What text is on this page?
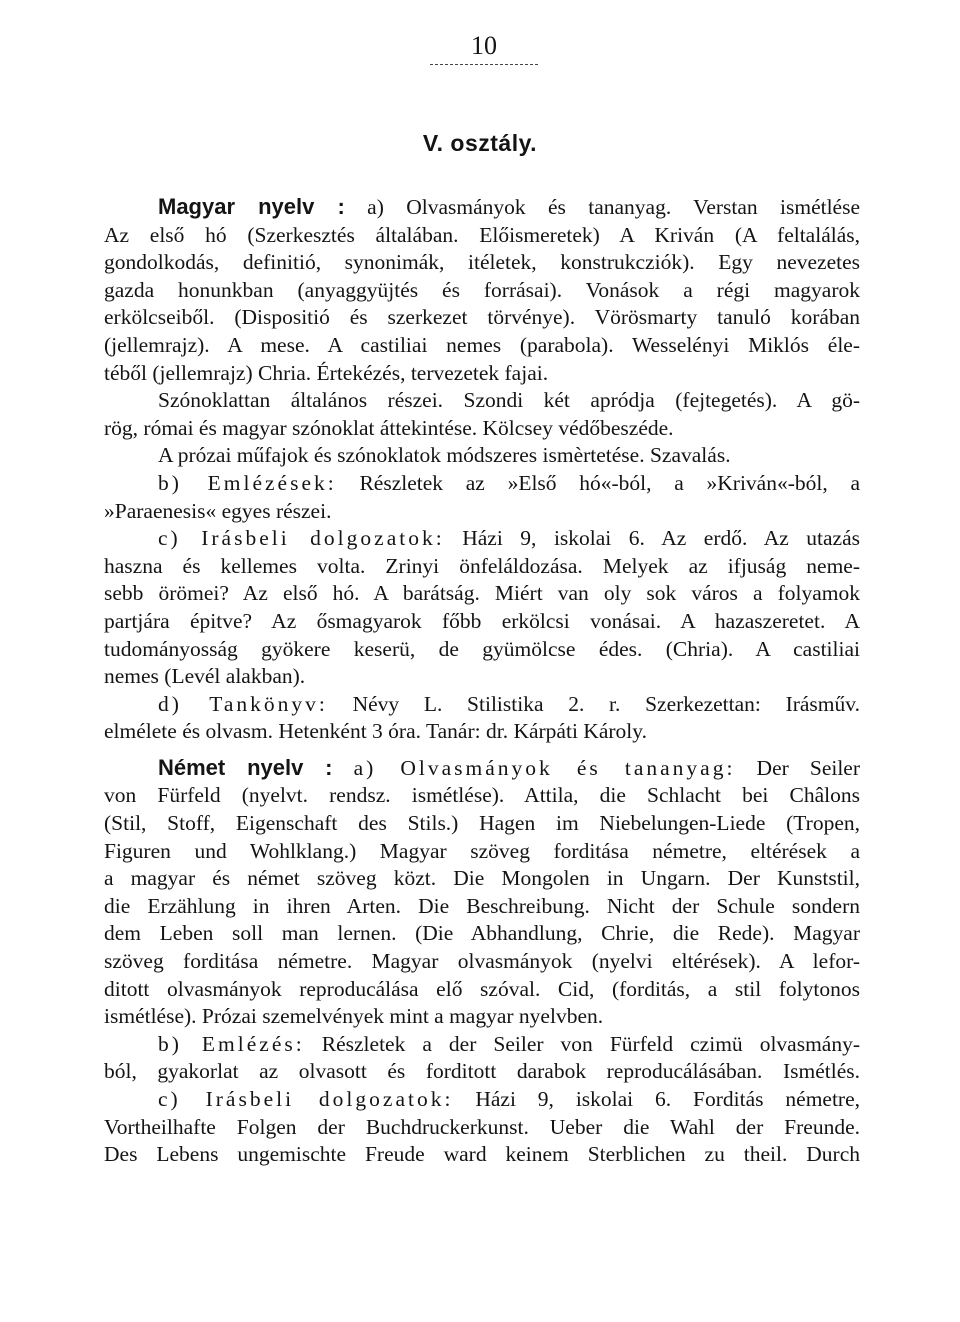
10
V. osztály.
Magyar nyelv : a) Olvasmányok és tananyag. Verstan ismétlése
Az első hó (Szerkesztés általában. Előismeretek) A Kriván (A feltalálás,
gondolkodás, definitió, synonimák, itéletek, konstrukcziók). Egy nevezetes
gazda honunkban (anyaggyüjtés és forrásai). Vonások a régi magyarok
erkölcseiből. (Dispositió és szerkezet törvénye). Vörösmarty tanuló korában
(jellemrajz). A mese. A castiliai nemes (parabola). Wesselényi Miklós éle-
téből (jellemrajz) Chria. Értekézés, tervezetek fajai.
Szónoklattan általános részei. Szondi két apródja (fejtegetés). A gö-
rög, római és magyar szónoklat áttekintése. Kölcsey védőbeszéde.
A prózai műfajok és szónoklatok módszeres ismèrtetése. Szavalás.
b) Emlézések: Részletek az »Első hó«-ból, a »Kriván«-ból, a
»Paraenesis« egyes részei.
c) Irásbeli dolgozatok: Házi 9, iskolai 6. Az erdő. Az utazás
haszna és kellemes volta. Zrinyi önfeláldozása. Melyek az ifjuság neme-
sebb örömei? Az első hó. A barátság. Miért van oly sok város a folyamok
partjára épitve? Az ősmagyarok főbb erkölcsi vonásai. A hazaszeretet. A
tudományosság gyökere keserü, de gyümölcse édes. (Chria). A castiliai
nemes (Levél alakban).
d) Tankönyv: Névy L. Stilistika 2. r. Szerkezettan: Irásműv.
elmélete és olvasm. Hetenként 3 óra. Tanár: dr. Kárpáti Károly.
Német nyelv : a) Olvasmányok és tananyag: Der Seiler
von Fürfeld (nyelvt. rendsz. ismétlése). Attila, die Schlacht bei Châlons
(Stil, Stoff, Eigenschaft des Stils.) Hagen im Niebelungen-Liede (Tropen,
Figuren und Wohlklang.) Magyar szöveg forditása németre, eltérések a
a magyar és német szöveg közt. Die Mongolen in Ungarn. Der Kunststil,
die Erzählung in ihren Arten. Die Beschreibung. Nicht der Schule sondern
dem Leben soll man lernen. (Die Abhandlung, Chrie, die Rede). Magyar
szöveg forditása németre. Magyar olvasmányok (nyelvi eltérések). A lefor-
ditott olvasmányok reproducálása elő szóval. Cid, (forditás, a stil folytonos
ismétlése). Prózai szemelvények mint a magyar nyelvben.
b) Emlézés: Részletek a der Seiler von Fürfeld czimü olvasmány-
ból, gyakorlat az olvasott és forditott darabok reproducálásában. Ismétlés.
c) Irásbeli dolgozatok: Házi 9, iskolai 6. Forditás németre,
Vortheilhafte Folgen der Buchdruckerkunst. Ueber die Wahl der Freunde.
Des Lebens ungemischte Freude ward keinem Sterblichen zu theil. Durch
